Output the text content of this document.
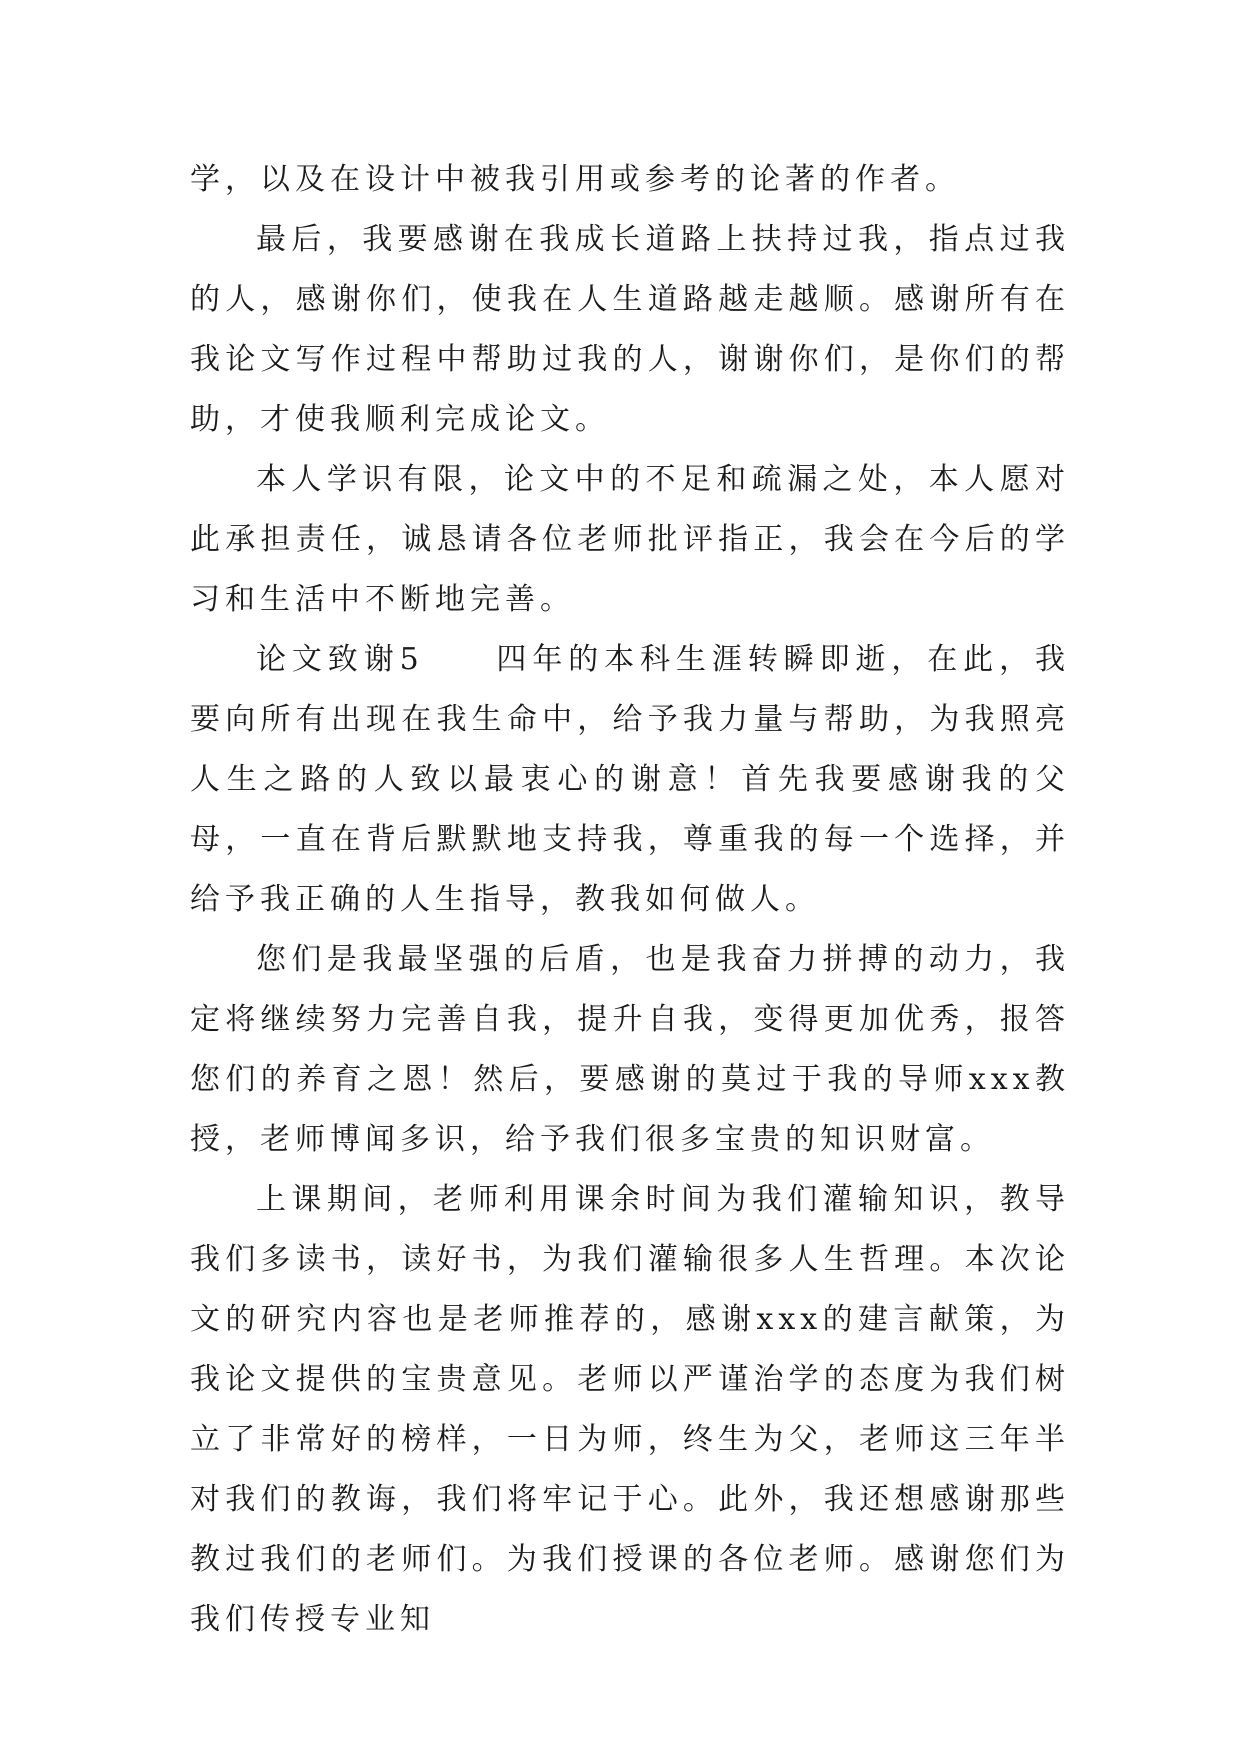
学，以及在设计中被我引用或参考的论著的作者。

最后，我要感谢在我成长道路上扶持过我，指点过我的人，感谢你们，使我在人生道路越走越顺。感谢所有在我论文写作过程中帮助过我的人，谢谢你们，是你们的帮助，才使我顺利完成论文。

本人学识有限，论文中的不足和疏漏之处，本人愿对此承担责任，诚恳请各位老师批评指正，我会在今后的学习和生活中不断地完善。

论文致谢5　　四年的本科生涯转瞬即逝，在此，我要向所有出现在我生命中，给予我力量与帮助，为我照亮人生之路的人致以最衷心的谢意！首先我要感谢我的父母，一直在背后默默地支持我，尊重我的每一个选择，并给予我正确的人生指导，教我如何做人。

您们是我最坚强的后盾，也是我奋力拼搏的动力，我定将继续努力完善自我，提升自我，变得更加优秀，报答您们的养育之恩！然后，要感谢的莫过于我的导师xxx教授，老师博闻多识，给予我们很多宝贵的知识财富。

上课期间，老师利用课余时间为我们灌输知识，教导我们多读书，读好书，为我们灌输很多人生哲理。本次论文的研究内容也是老师推荐的，感谢xxx的建言献策，为我论文提供的宝贵意见。老师以严谨治学的态度为我们树立了非常好的榜样，一日为师，终生为父，老师这三年半对我们的教诲，我们将牢记于心。此外，我还想感谢那些教过我们的老师们。为我们授课的各位老师。感谢您们为我们传授专业知
